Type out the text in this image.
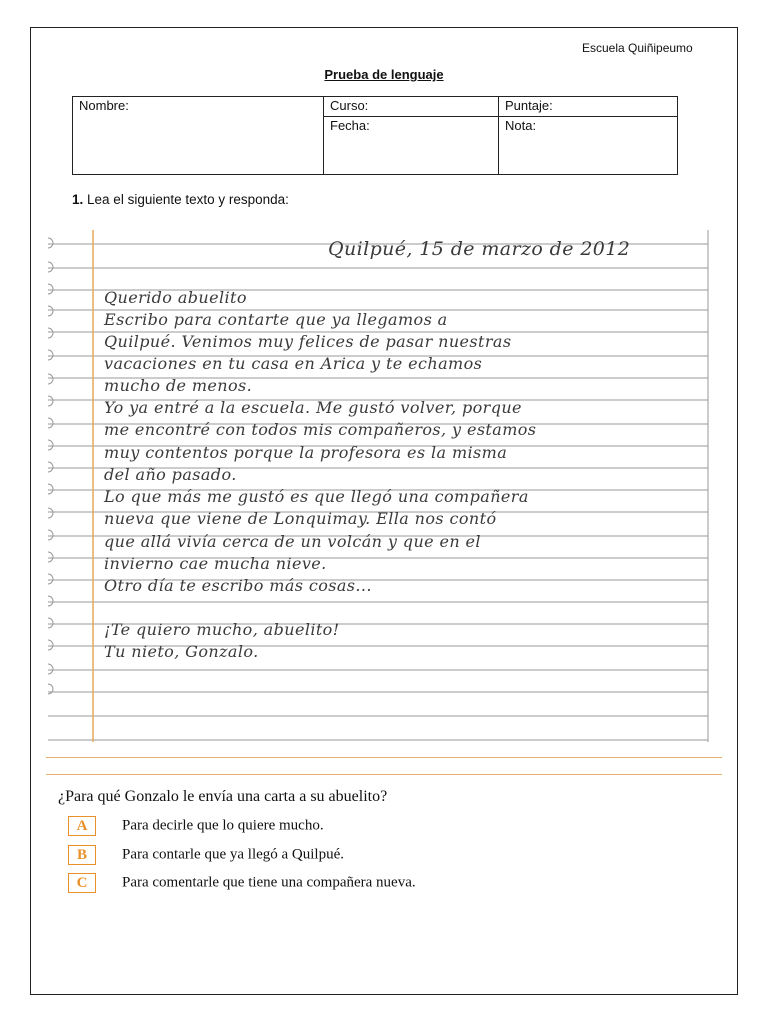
Escuela Quiñipeumo
Prueba de lenguaje
Nombre:	Curso:	Puntaje:
	Fecha:	Nota:
1. Lea el siguiente texto y responda:
Quilpué, 15 de marzo de 2012
Querido abuelito
Escribo para contarte que ya llegamos a
Quilpué. Venimos muy felices de pasar nuestras
vacaciones en tu casa en Arica y te echamos
mucho de menos.
Yo ya entré a la escuela. Me gustó volver, porque
me encontré con todos mis compañeros, y estamos
muy contentos porque la profesora es la misma
del año pasado.
Lo que más me gustó es que llegó una compañera
nueva que viene de Lonquimay. Ella nos contó
que allá vivía cerca de un volcán y que en el
invierno cae mucha nieve.
Otro día te escribo más cosas...
¡Te quiero mucho, abuelito!
Tu nieto, Gonzalo.
¿Para qué Gonzalo le envía una carta a su abuelito?
A Para decirle que lo quiere mucho.
B Para contarle que ya llegó a Quilpué.
C Para comentarle que tiene una compañera nueva.
